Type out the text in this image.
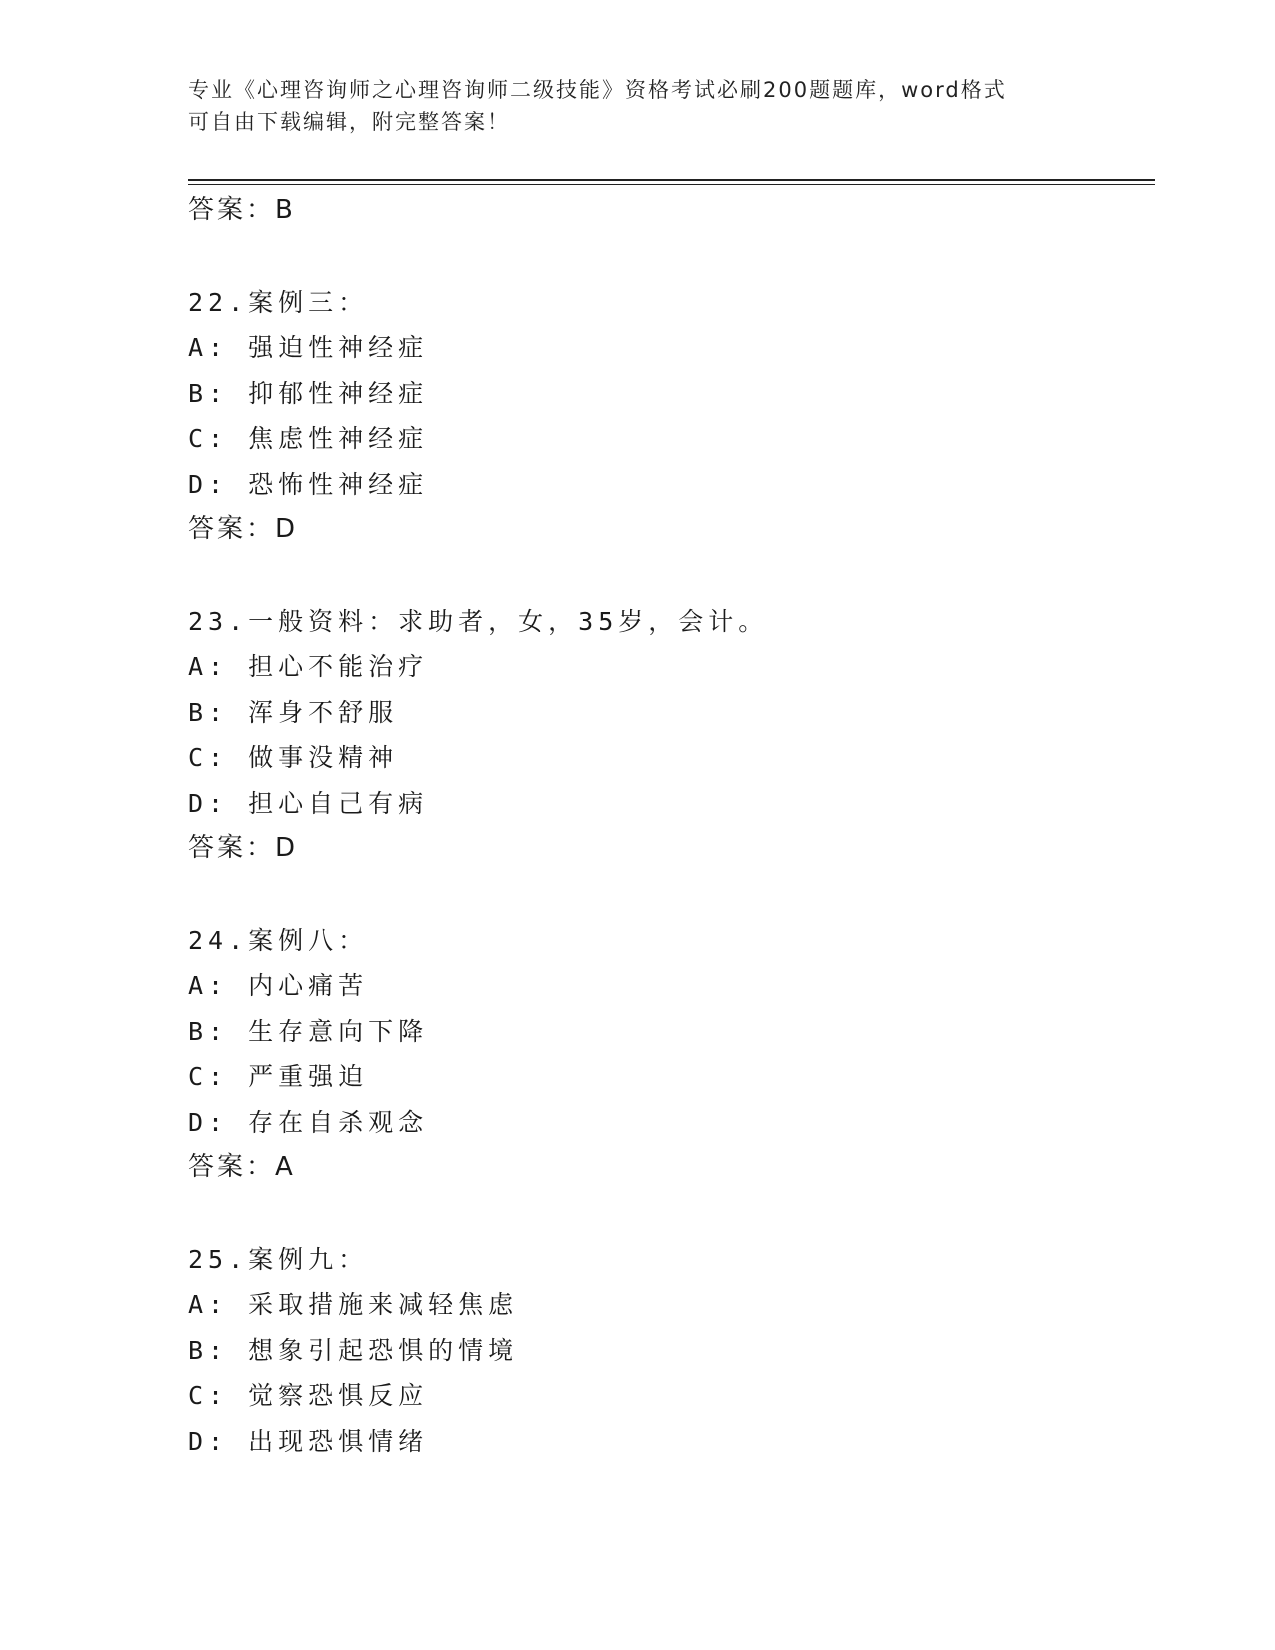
专业《心理咨询师之心理咨询师二级技能》资格考试必刷200题题库，word格式

可自由下载编辑，附完整答案！

答案：B
22.案例三：
A: 强迫性神经症
B: 抑郁性神经症
C: 焦虑性神经症
D: 恐怖性神经症
答案：D
23.一般资料：求助者，女，35岁，会计。
A: 担心不能治疗
B: 浑身不舒服
C: 做事没精神
D: 担心自己有病
答案：D
24.案例八：
A: 内心痛苦
B: 生存意向下降
C: 严重强迫
D: 存在自杀观念
答案：A
25.案例九：
A: 采取措施来减轻焦虑
B: 想象引起恐惧的情境
C: 觉察恐惧反应
D: 出现恐惧情绪
